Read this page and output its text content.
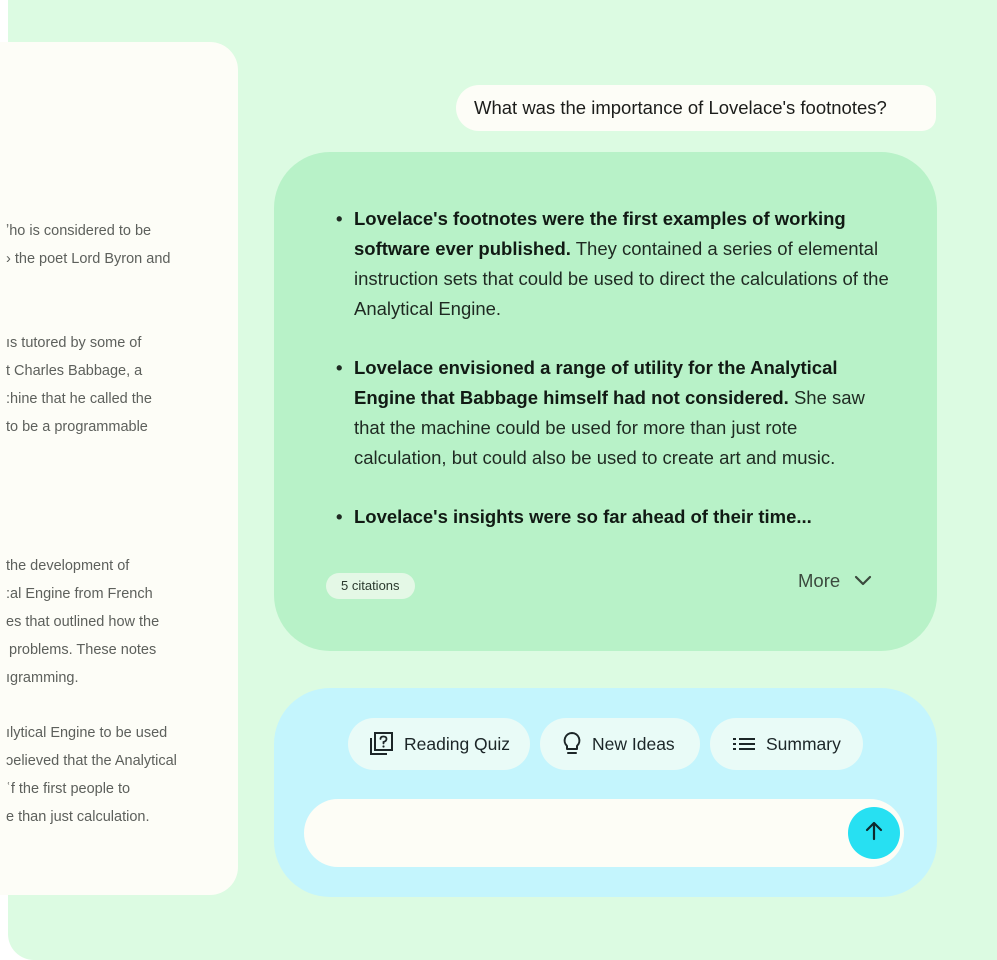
ʼho is considered to be
› the poet Lord Byron and
ıs tutored by some of
t Charles Babbage, a
:hine that he called the
to be a programmable
the development of
:al Engine from French
es that outlined how the
problems. These notes
ıgramming.
ılytical Engine to be used
ɔelieved that the Analytical
ʿf the first people to
e than just calculation.
What was the importance of Lovelace's footnotes?
• Lovelace's footnotes were the first examples of working software ever published. They contained a series of elemental instruction sets that could be used to direct the calculations of the Analytical Engine.
• Lovelace envisioned a range of utility for the Analytical Engine that Babbage himself had not considered. She saw that the machine could be used for more than just rote calculation, but could also be used to create art and music.
• Lovelace's insights were so far ahead of their time...
5 citations	More
Reading Quiz	New Ideas	Summary
